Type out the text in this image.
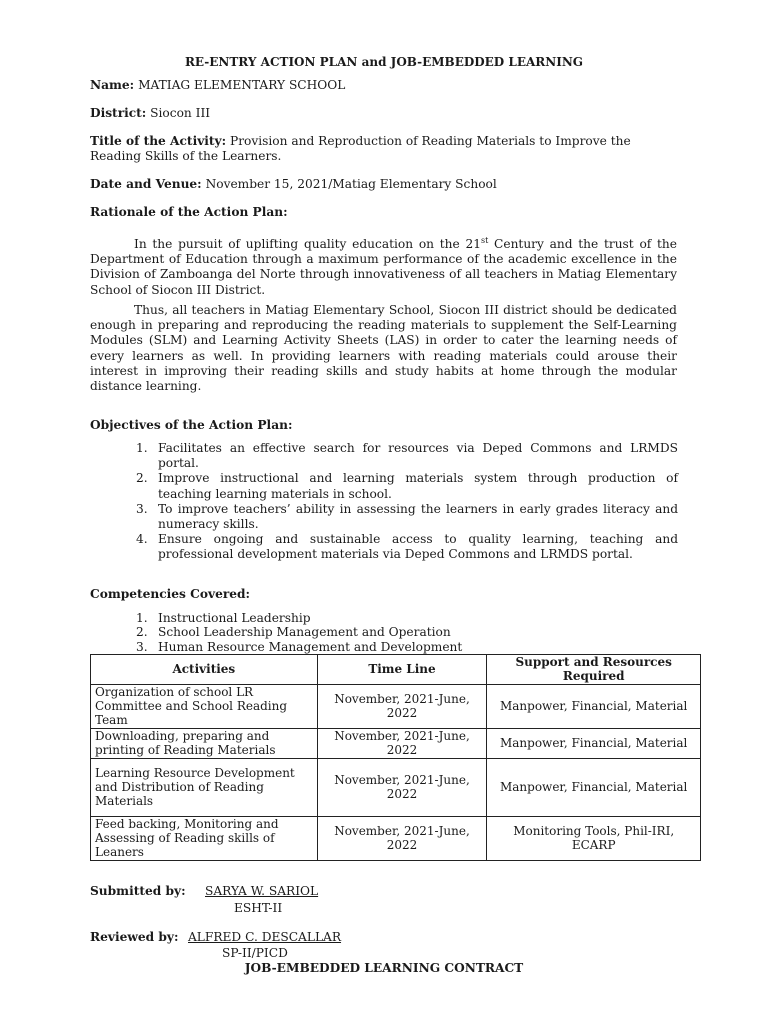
RE-ENTRY ACTION PLAN and JOB-EMBEDDED LEARNING
Name: MATIAG ELEMENTARY SCHOOL
District: Siocon III
Title of the Activity: Provision and Reproduction of Reading Materials to Improve the Reading Skills of the Learners.
Date and Venue: November 15, 2021/Matiag Elementary School
Rationale of the Action Plan:
In the pursuit of uplifting quality education on the 21st Century and the trust of the Department of Education through a maximum performance of the academic excellence in the Division of Zamboanga del Norte through innovativeness of all teachers in Matiag Elementary School of Siocon III District.
Thus, all teachers in Matiag Elementary School, Siocon III district should be dedicated enough in preparing and reproducing the reading materials to supplement the Self-Learning Modules (SLM) and Learning Activity Sheets (LAS) in order to cater the learning needs of every learners as well. In providing learners with reading materials could arouse their interest in improving their reading skills and study habits at home through the modular distance learning.
Objectives of the Action Plan:
1. Facilitates an effective search for resources via Deped Commons and LRMDS portal.
2. Improve instructional and learning materials system through production of teaching learning materials in school.
3. To improve teachers’ ability in assessing the learners in early grades literacy and numeracy skills.
4. Ensure ongoing and sustainable access to quality learning, teaching and professional development materials via Deped Commons and LRMDS portal.
Competencies Covered:
1. Instructional Leadership
2. School Leadership Management and Operation
3. Human Resource Management and Development
Activities	Time Line	Support and Resources Required
Organization of school LR Committee and School Reading Team	November, 2021-June, 2022	Manpower, Financial, Material
Downloading, preparing and printing of Reading Materials	November, 2021-June, 2022	Manpower, Financial, Material
Learning Resource Development and Distribution of Reading Materials	November, 2021-June, 2022	Manpower, Financial, Material
Feed backing, Monitoring and Assessing of Reading skills of Leaners	November, 2021-June, 2022	Monitoring Tools, Phil-IRI, ECARP
Submitted by: SARYA W. SARIOL
ESHT-II
Reviewed by: ALFRED C. DESCALLAR
SP-II/PICD
JOB-EMBEDDED LEARNING CONTRACT
